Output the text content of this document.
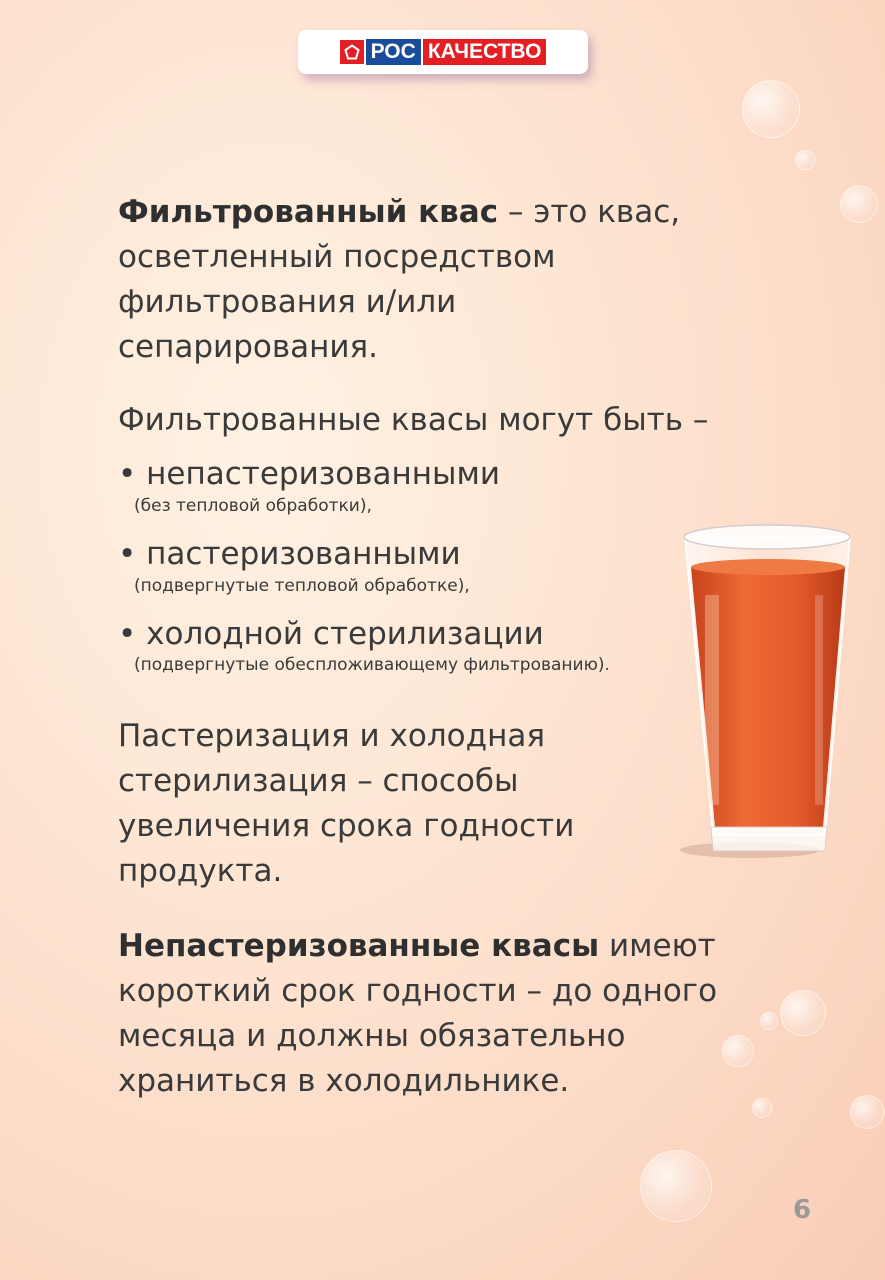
РОС КАЧЕСТВО
Фильтрованный квас – это квас,
осветленный посредством
фильтрования и/или
сепарирования.
Фильтрованные квасы могут быть –
• непастеризованными
(без тепловой обработки),
• пастеризованными
(подвергнутые тепловой обработке),
• холодной стерилизации
(подвергнутые обеспложивающему фильтрованию).
Пастеризация и холодная
стерилизация – способы
увеличения срока годности
продукта.
Непастеризованные квасы имеют
короткий срок годности – до одного
месяца и должны обязательно
храниться в холодильнике.
6
